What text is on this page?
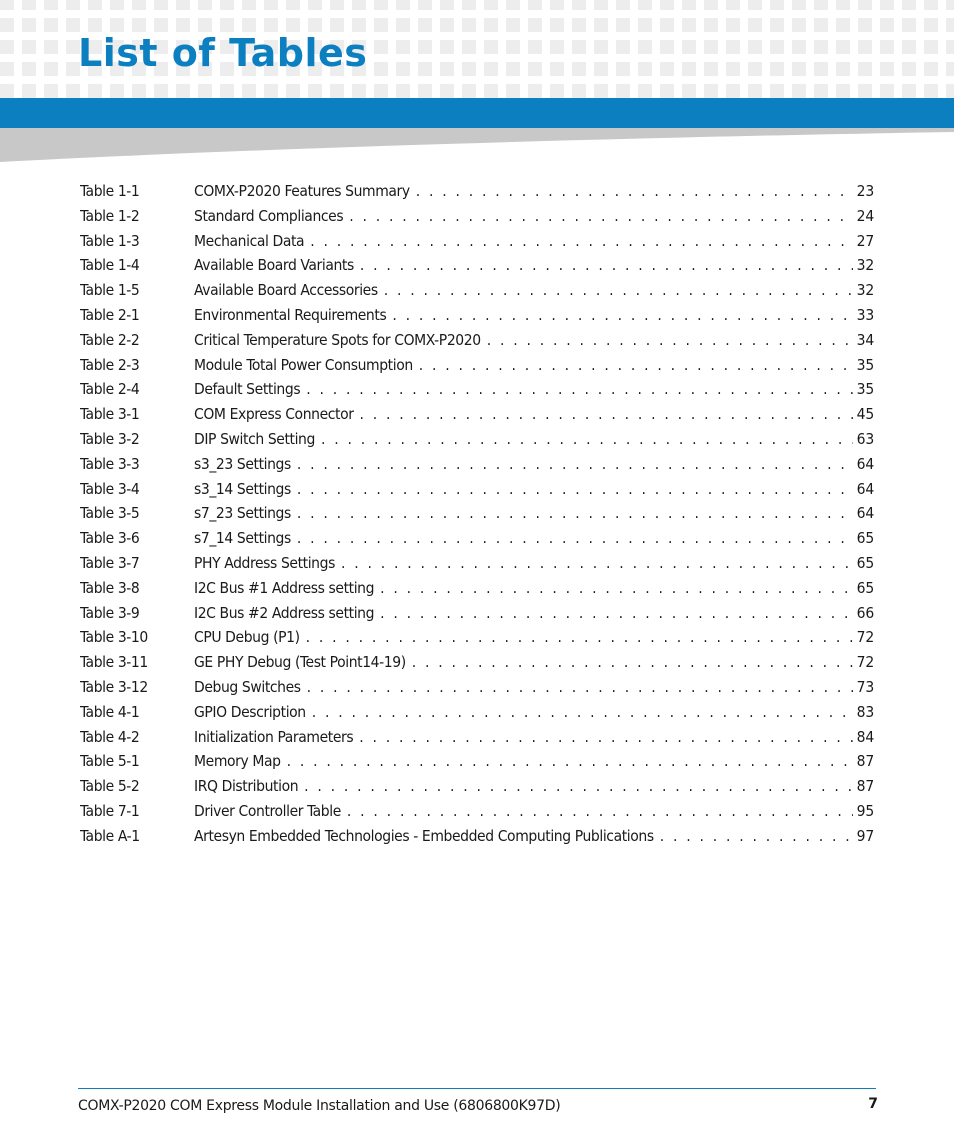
List of Tables
Table 1-1	COMX-P2020 Features Summary . . .	23
Table 1-2	Standard Compliances . . .	24
Table 1-3	Mechanical Data . . .	27
Table 1-4	Available Board Variants . . .	32
Table 1-5	Available Board Accessories . . .	32
Table 2-1	Environmental Requirements . . .	33
Table 2-2	Critical Temperature Spots for COMX-P2020 . . .	34
Table 2-3	Module Total Power Consumption . . .	35
Table 2-4	Default Settings . . .	35
Table 3-1	COM Express Connector . . .	45
Table 3-2	DIP Switch Setting . . .	63
Table 3-3	s3_23 Settings . . .	64
Table 3-4	s3_14 Settings . . .	64
Table 3-5	s7_23 Settings . . .	64
Table 3-6	s7_14 Settings . . .	65
Table 3-7	PHY Address Settings . . .	65
Table 3-8	I2C Bus #1 Address setting . . .	65
Table 3-9	I2C Bus #2 Address setting . . .	66
Table 3-10	CPU Debug (P1) . . .	72
Table 3-11	GE PHY Debug (Test Point14-19) . . .	72
Table 3-12	Debug Switches . . .	73
Table 4-1	GPIO Description . . .	83
Table 4-2	Initialization Parameters . . .	84
Table 5-1	Memory Map . . .	87
Table 5-2	IRQ Distribution . . .	87
Table 7-1	Driver Controller Table . . .	95
Table A-1	Artesyn Embedded Technologies - Embedded Computing Publications . . .	97
COMX-P2020 COM Express Module Installation and Use (6806800K97D)	7
